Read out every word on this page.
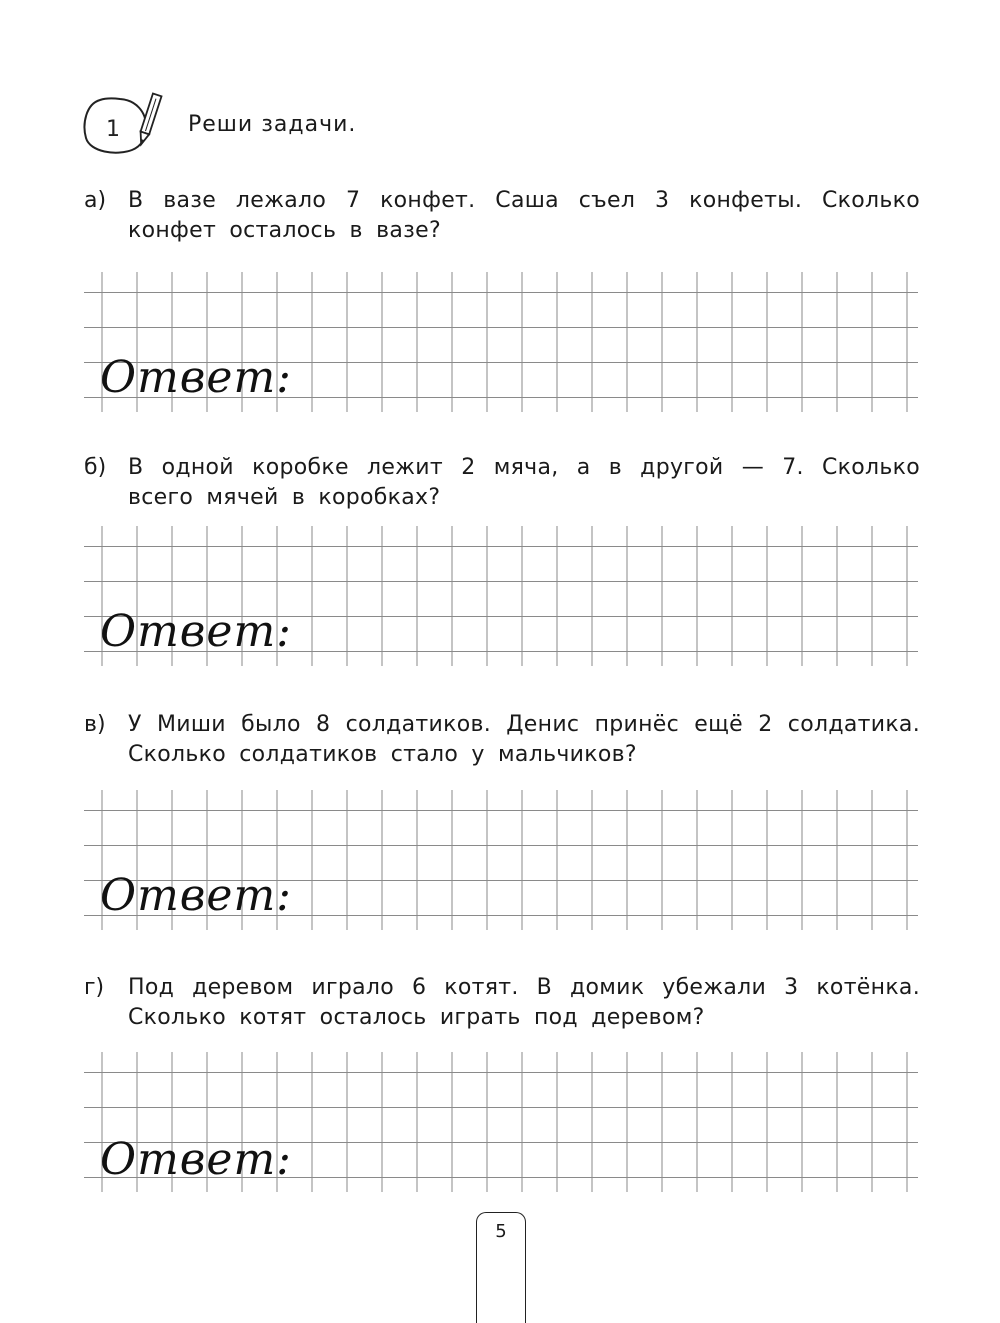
1	Реши задачи.
а) В вазе лежало 7 конфет. Саша съел 3 конфеты. Сколько конфет осталось в вазе?
Ответ:
б) В одной коробке лежит 2 мяча, а в другой — 7. Сколько всего мячей в коробках?
Ответ:
в) У Миши было 8 солдатиков. Денис принёс ещё 2 солдатика. Сколько солдатиков стало у мальчиков?
Ответ:
г) Под деревом играло 6 котят. В домик убежали 3 котёнка. Сколько котят осталось играть под деревом?
Ответ:
5
